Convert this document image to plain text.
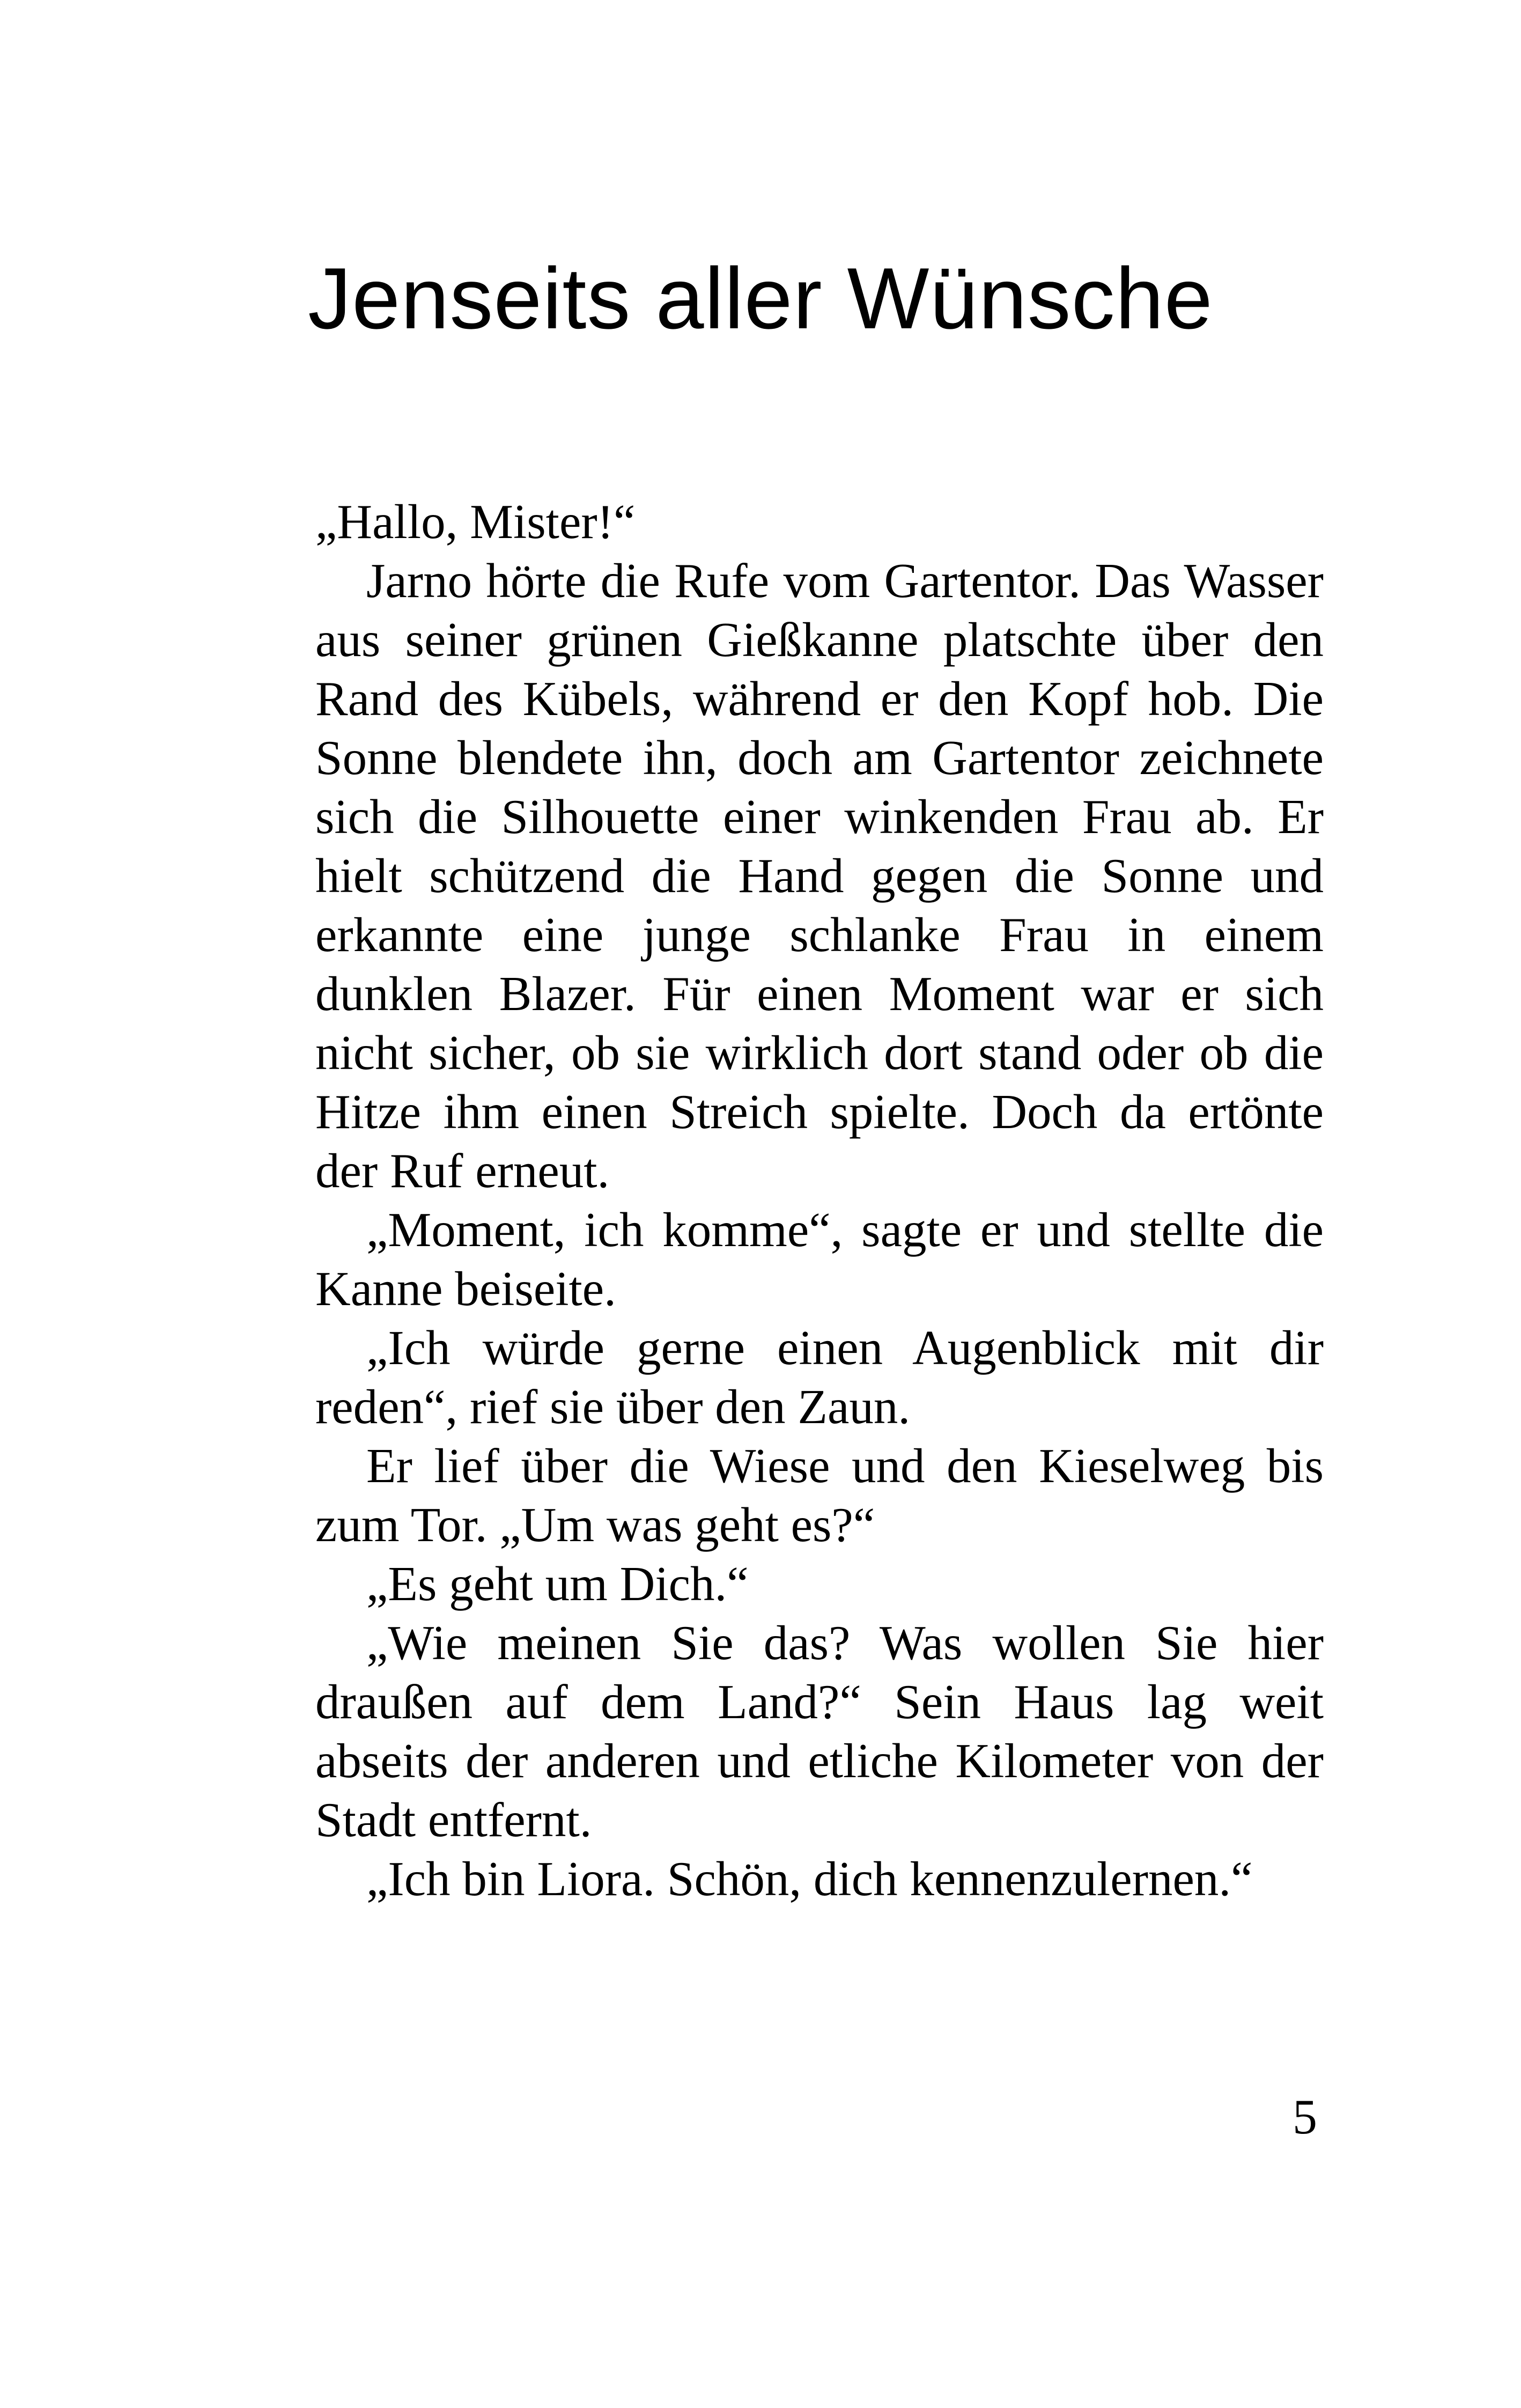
Jenseits aller Wünsche

„Hallo, Mister!“

Jarno hörte die Rufe vom Gartentor. Das Wasser aus seiner grünen Gießkanne platschte über den Rand des Kübels, während er den Kopf hob. Die Sonne blendete ihn, doch am Gartentor zeichnete sich die Silhouette einer winkenden Frau ab. Er hielt schützend die Hand gegen die Sonne und erkannte eine junge schlanke Frau in einem dunklen Blazer. Für einen Moment war er sich nicht sicher, ob sie wirklich dort stand oder ob die Hitze ihm einen Streich spielte. Doch da ertönte der Ruf erneut.

„Moment, ich komme“, sagte er und stellte die Kanne beiseite.

„Ich würde gerne einen Augenblick mit dir reden“, rief sie über den Zaun.

Er lief über die Wiese und den Kieselweg bis zum Tor. „Um was geht es?“

„Es geht um Dich.“

„Wie meinen Sie das? Was wollen Sie hier draußen auf dem Land?“ Sein Haus lag weit abseits der anderen und etliche Kilometer von der Stadt entfernt.

„Ich bin Liora. Schön, dich kennenzulernen.“

5
